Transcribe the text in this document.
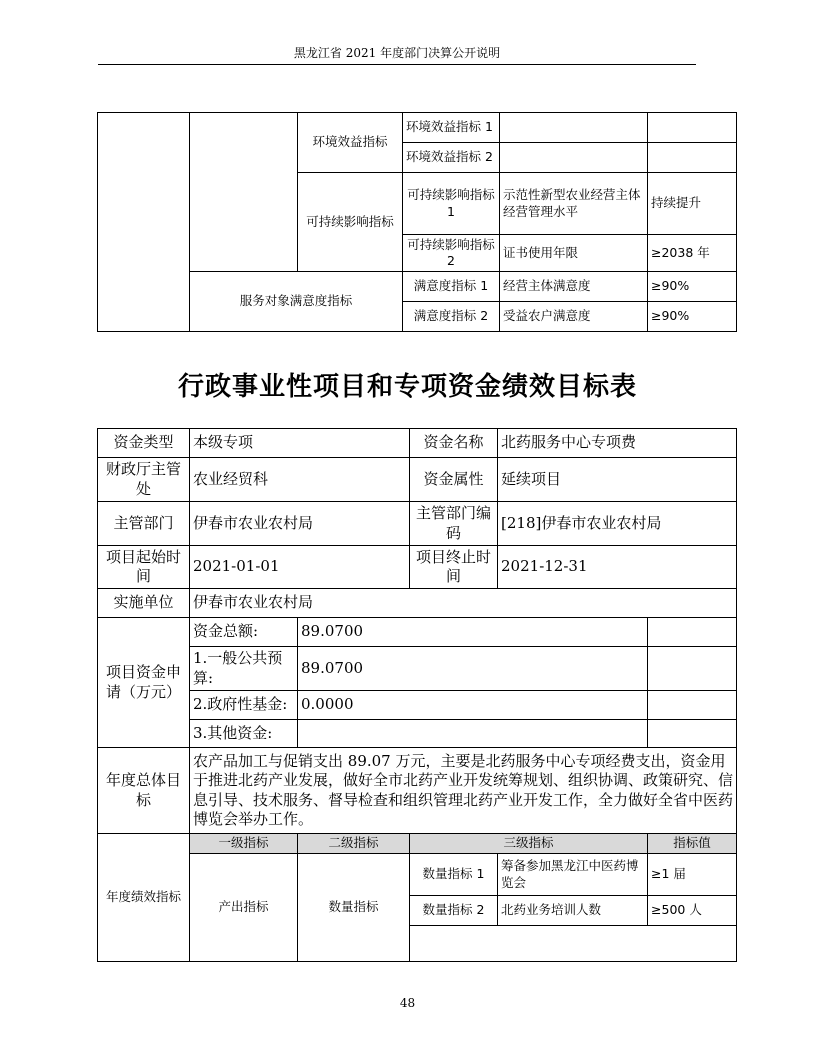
黑龙江省 2021 年度部门决算公开说明
		环境效益指标	环境效益指标 1		
			环境效益指标 2		
		可持续影响指标	可持续影响指标 1	示范性新型农业经营主体经营管理水平	持续提升
			可持续影响指标 2	证书使用年限	≥2038 年
	服务对象满意度指标		满意度指标 1	经营主体满意度	≥90%
			满意度指标 2	受益农户满意度	≥90%
行政事业性项目和专项资金绩效目标表
资金类型	本级专项		资金名称	北药服务中心专项费	
财政厅主管处	农业经贸科		资金属性	延续项目	
主管部门	伊春市农业农村局		主管部门编码	[218]伊春市农业农村局	
项目起始时间	2021-01-01		项目终止时间	2021-12-31	
实施单位	伊春市农业农村局				
项目资金申请（万元）	资金总额:	89.0700			
	1.一般公共预算:	89.0700			
	2.政府性基金:	0.0000			
	3.其他资金:				
年度总体目标	农产品加工与促销支出 89.07 万元，主要是北药服务中心专项经费支出，资金用于推进北药产业发展，做好全市北药产业开发统筹规划、组织协调、政策研究、信息引导、技术服务、督导检查和组织管理北药产业开发工作，全力做好全省中医药博览会举办工作。				
年度绩效指标	一级指标	二级指标	三级指标		指标值
	产出指标	数量指标	数量指标 1	筹备参加黑龙江中医药博览会	≥1 届
			数量指标 2	北药业务培训人数	≥500 人

48
